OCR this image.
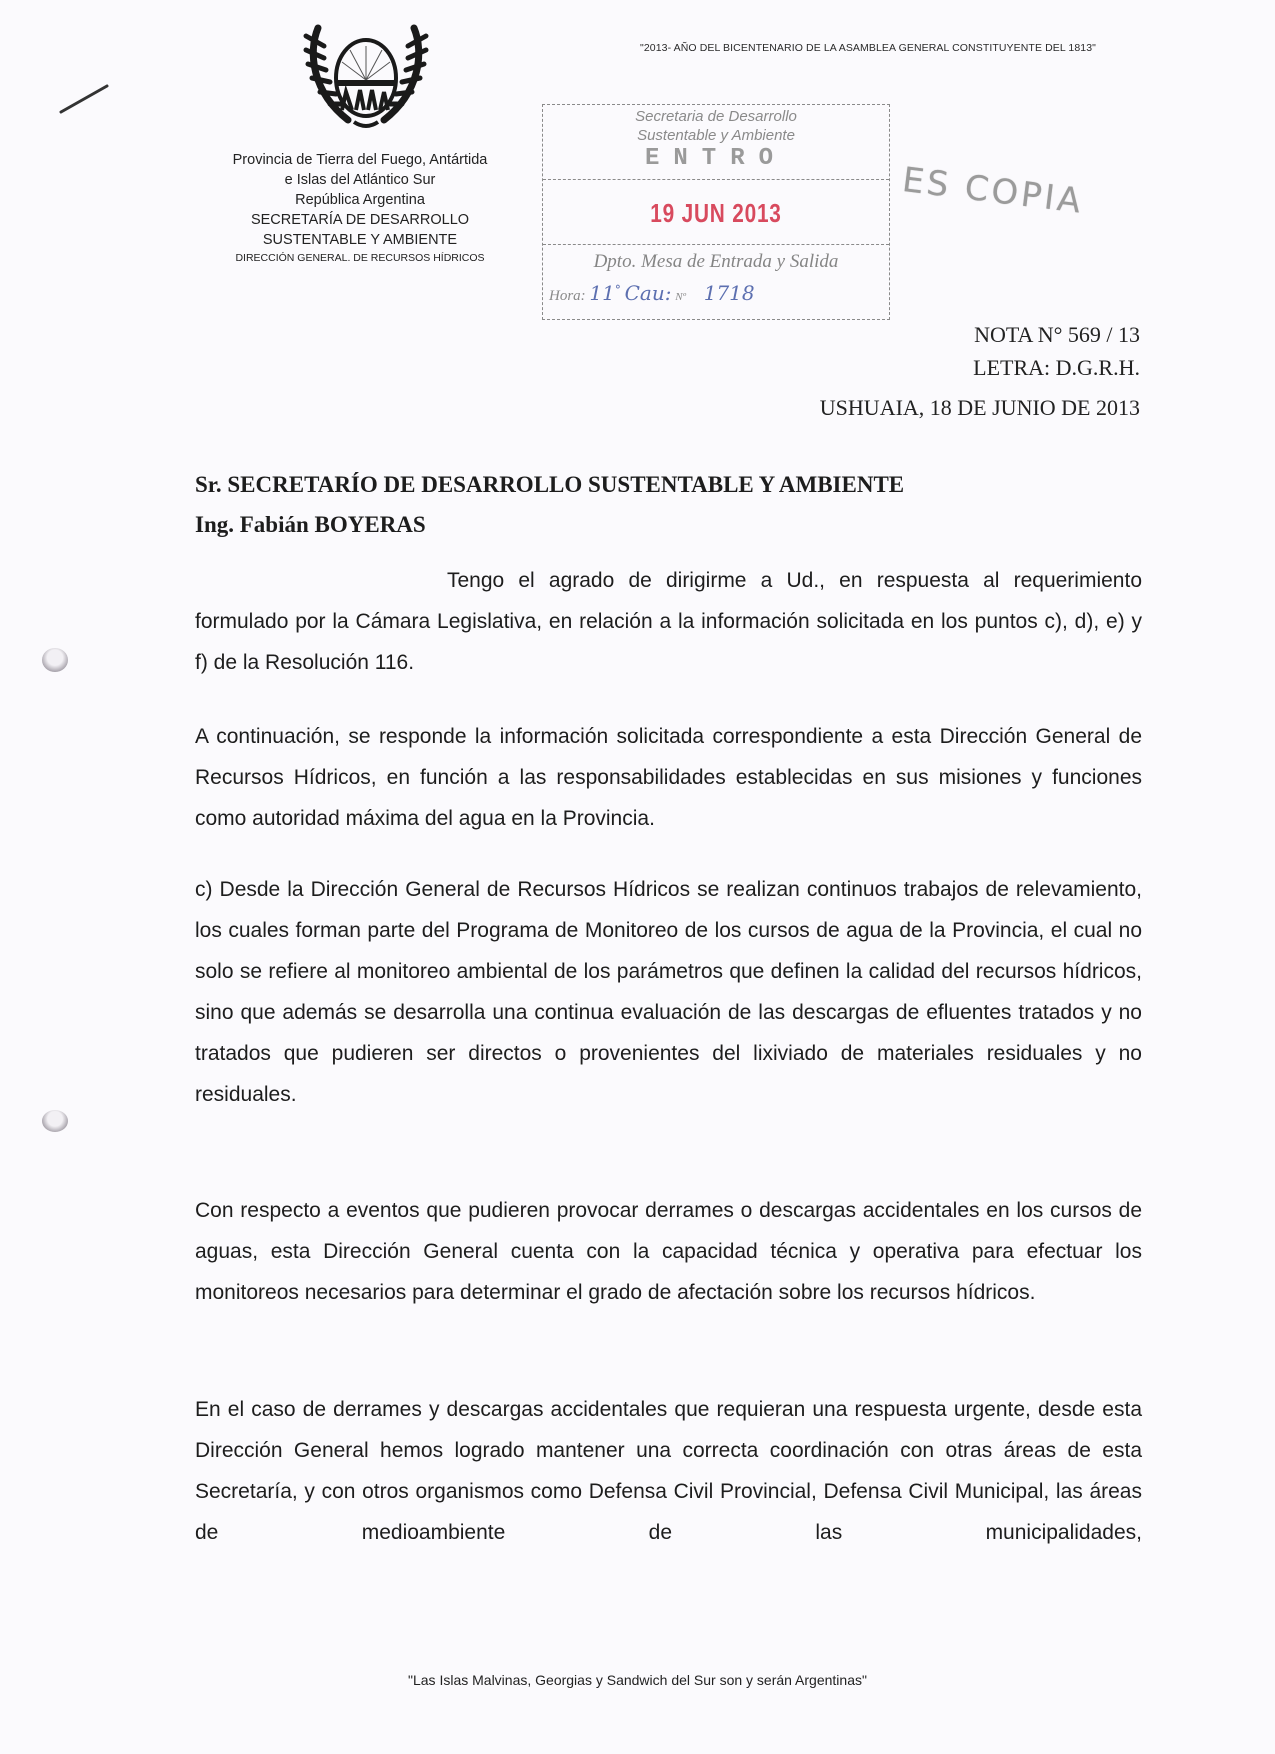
"2013- AÑO DEL BICENTENARIO DE LA ASAMBLEA GENERAL CONSTITUYENTE DEL 1813"
Provincia de Tierra del Fuego, Antártida
e Islas del Atlántico Sur
República Argentina
SECRETARÍA DE DESARROLLO
SUSTENTABLE Y AMBIENTE
DIRECCIÓN GENERAL. DE RECURSOS HÍDRICOS
Secretaria de Desarrollo
Sustentable y Ambiente
ENTRO
19 JUN 2013
Dpto. Mesa de Entrada y Salida
Hora: 11° Cau: Nº 1718
ES COPIA
NOTA N° 569 / 13
LETRA: D.G.R.H.
USHUAIA, 18 DE JUNIO DE 2013
Sr. SECRETARÍO DE DESARROLLO SUSTENTABLE Y AMBIENTE
Ing. Fabián BOYERAS
Tengo el agrado de dirigirme a Ud., en respuesta al requerimiento formulado por la Cámara Legislativa, en relación a la información solicitada en los puntos c), d), e) y f) de la Resolución 116.
A continuación, se responde la información solicitada correspondiente a esta Dirección General de Recursos Hídricos, en función a las responsabilidades establecidas en sus misiones y funciones como autoridad máxima del agua en la Provincia.
c) Desde la Dirección General de Recursos Hídricos se realizan continuos trabajos de relevamiento, los cuales forman parte del Programa de Monitoreo de los cursos de agua de la Provincia, el cual no solo se refiere al monitoreo ambiental de los parámetros que definen la calidad del recursos hídricos, sino que además se desarrolla una continua evaluación de las descargas de efluentes tratados y no tratados que pudieren ser directos o provenientes del lixiviado de materiales residuales y no residuales.
Con respecto a eventos que pudieren provocar derrames o descargas accidentales en los cursos de aguas, esta Dirección General cuenta con la capacidad técnica y operativa para efectuar los monitoreos necesarios para determinar el grado de afectación sobre los recursos hídricos.
En el caso de derrames y descargas accidentales que requieran una respuesta urgente, desde esta Dirección General hemos logrado mantener una correcta coordinación con otras áreas de esta Secretaría, y con otros organismos como Defensa Civil Provincial, Defensa Civil Municipal, las áreas de medioambiente de las municipalidades,
"Las Islas Malvinas, Georgias y Sandwich del Sur son y serán Argentinas"
